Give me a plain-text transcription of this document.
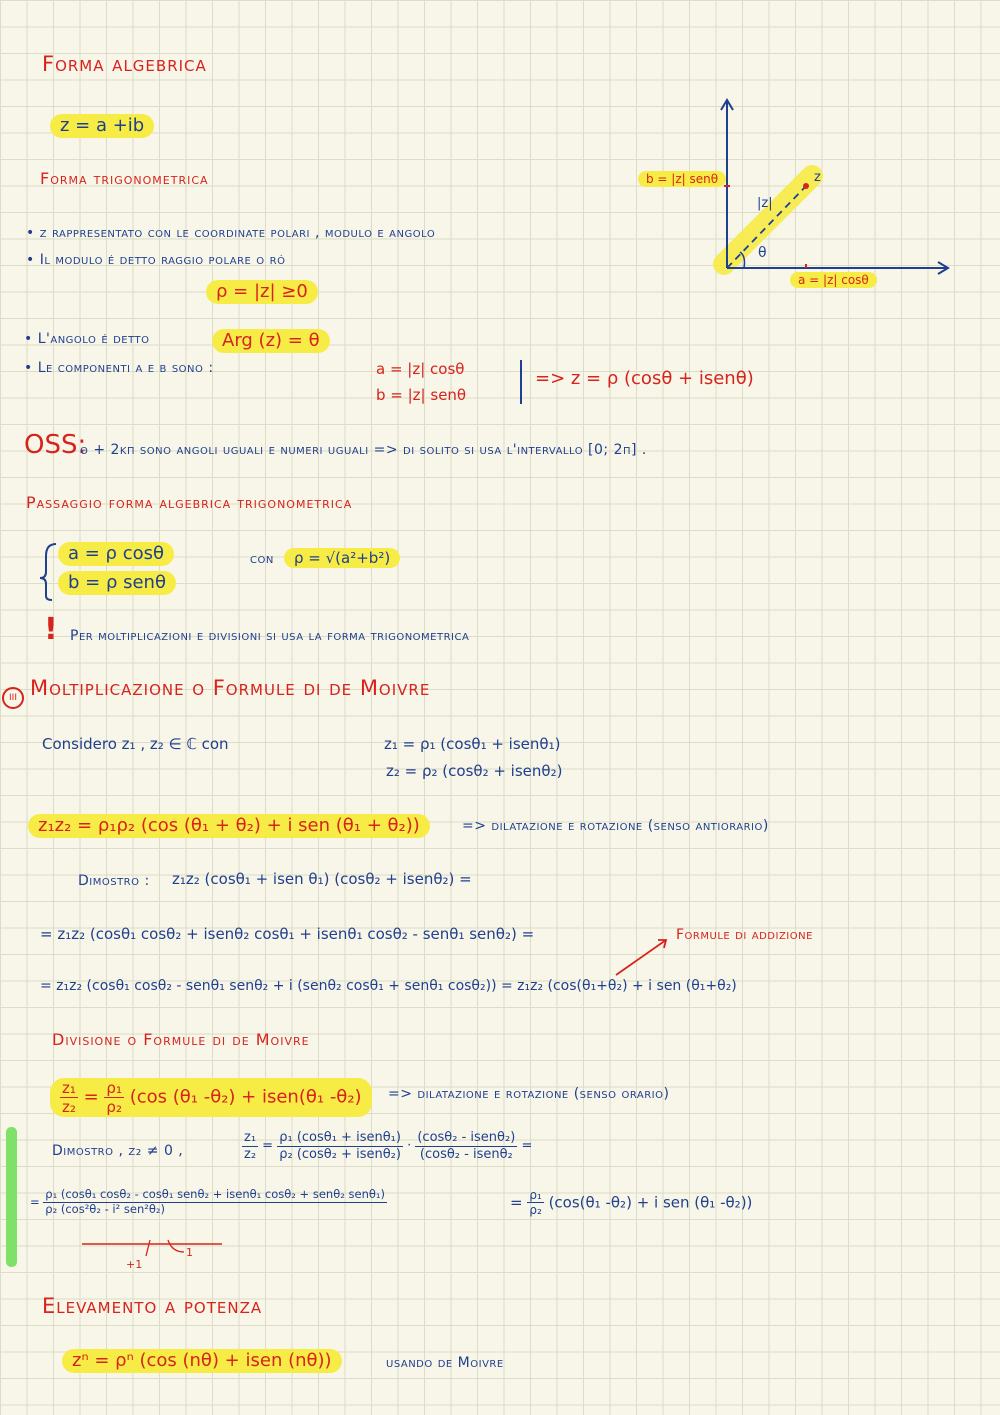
Forma algebrica
z = a +ib
Forma trigonometrica
• z rappresentato con le coordinate polari , modulo e angolo
• Il modulo é detto raggio polare o ró
ρ = |z| ≥0
• L'angolo é detto	Arg (z) = θ
• Le componenti a e b sono :	a = |z| cosθ
b = |z| senθ
=> z = ρ (cosθ + isenθ)
OSS:
θ + 2kπ sono angoli uguali e numeri uguali => di solito si usa l'intervallo [0; 2π] .
Passaggio forma algebrica trigonometrica
a = ρ cosθ
b = ρ senθ
con	ρ = √(a²+b²)
! Per moltiplicazioni e divisioni si usa la forma trigonometrica
III Moltiplicazione o Formule di de Moivre
Considero z₁ , z₂ ∈ ℂ con	z₁ = ρ₁ (cosθ₁ + isenθ₁)
z₂ = ρ₂ (cosθ₂ + isenθ₂)
z₁z₂ = ρ₁ρ₂ (cos (θ₁ + θ₂) + i sen (θ₁ + θ₂))	=> dilatazione e rotazione (senso antiorario)
Dimostro : z₁z₂ (cosθ₁ + isen θ₁) (cosθ₂ + isenθ₂) =
= z₁z₂ (cosθ₁ cosθ₂ + isenθ₂ cosθ₁ + isenθ₁ cosθ₂ - senθ₁ senθ₂) =	Formule di addizione
= z₁z₂ (cosθ₁ cosθ₂ - senθ₁ senθ₂ + i (senθ₂ cosθ₁ + senθ₁ cosθ₂)) = z₁z₂ (cos(θ₁+θ₂) + i sen (θ₁+θ₂)
Divisione o Formule di de Moivre
$\frac{\text{z₁}}{\text{z₂}} = \frac{\text{ρ₁}}{\text{ρ₂}} (\cos$ (θ₁ -θ₂) + isen(θ₁ -θ₂)	=> dilatazione e rotazione (senso orario)
Dimostro , z₂ ≠ 0 ,	$\frac{\text{z₁}}{\text{z₂}} = \frac{\text{ρ₁ (cosθ₁ + isenθ₁)}}{\text{ρ₂ (cosθ₂ + isenθ₂)}} \cdot \frac{\text{(cosθ₂ - isenθ₂)}}{\text{(cosθ₂ - isenθ₂}}$ =
= $\frac{\text{ρ₁ (cosθ₁ cosθ₂ - cosθ₁ senθ₂ + isenθ₁ cosθ₂ + senθ₂ senθ₁)}}{\text{ρ₂ (cos²θ₂ - i² sen²θ₂)}}$	= $\frac{\text{ρ₁}}{\text{ρ₂}} (\cos(\theta_1$ -θ₂) + i sen (θ₁ -θ₂))
+1
1
Elevamento a potenza
zⁿ = ρⁿ (cos (nθ) + isen (nθ))	usando de Moivre
b = |z| senθ
a = |z| cosθ
|z|
z
θ
